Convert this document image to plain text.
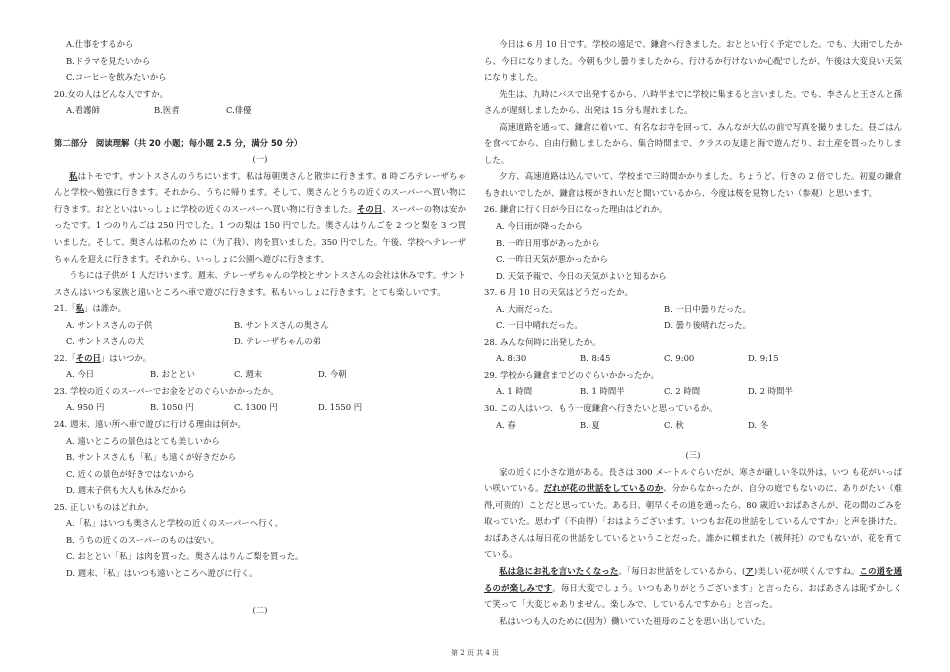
A.仕事をするから
B.ドラマを見たいから
C.コーヒーを飲みたいから
20.女の人はどんな人ですか。
A.看護師	B.医者	C.俳優
第二部分　阅读理解（共 20 小题；每小题 2.5 分，满分 50 分）
(一)

私はトモです。サントスさんのうちにいます。私は毎朝奥さんと散歩に行きます。8 時ごろテレーザちゃんと学校へ勉強に行きます。それから、うちに帰ります。そして、奥さんとうちの近くのスーパーへ買い物に行きます。おとといはいっしょに学校の近くのスーパーへ買い物に行きました。その日、スーパーの物は安かったです。1 つのりんごは 250 円でした。1 つの梨は 150 円でした。奥さんはりんごを 2 つと梨を 3 つ買いました。そして、奥さんは私のため に（为了我）、肉を買いました。350 円でした。午後、学校へテレーザちゃんを迎えに行きます。それから、いっしょに公園へ遊びに行きます。

うちには子供が 1 人だけいます。週末、テレーザちゃんの学校とサントスさんの会社は休みです。サントスさんはいつも家族と遠いところへ車で遊びに行きます。私もいっしょに行きます。とても楽しいです。

21.「私」は誰か。
A. サントスさんの子供	B. サントスさんの奥さん
C. サントスさんの犬	D. テレーザちゃんの弟
22.「その日」はいつか。
A. 今日	B. おととい	C. 週末	D. 今朝
23. 学校の近くのスーパーでお金をどのぐらいかかったか。
A. 950 円	B. 1050 円	C. 1300 円	D. 1550 円
24. 週末、遠い所へ車で遊びに行ける理由は何か。
A. 遠いところの景色はとても美しいから
B. サントスさんも「私」も遠くが好きだから
C. 近くの景色が好きではないから
D. 週末子供も大人も休みだから
25. 正しいものはどれか。
A.「私」はいつも奥さんと学校の近くのスーパーへ行く。
B. うちの近くのスーパーのものは安い。
C. おととい「私」は肉を買った。奥さんはりんご梨を買った。
D. 週末、「私」はいつも遠いところへ遊びに行く。
(二)

今日は 6 月 10 日です。学校の遠足で、鎌倉へ行きました。おととい行く予定でした。でも、大雨でしたから、今日になりました。今朝も少し曇りましたから、行けるか行けないか心配でしたが、午後は大変良い天気になりました。

先生は、九時にバスで出発するから、八時半までに学校に集まると言いました。でも、李さんと王さんと孫さんが遅刻しましたから、出発は 15 分も遅れました。

高速道路を通って、鎌倉に着いて、有名なお寺を回って、みんなが大仏の前で写真を撮りました。昼ごはんを食べてから、自由行動しましたから、集合時間まで、クラスの友達と海で遊んだり、お土産を買ったりしました。

夕方、高速道路は込んでいて、学校まで三時間かかりました。ちょうど、行きの 2 倍でした。初夏の鎌倉もきれいでしたが、鎌倉は桜がきれいだと聞いているから、今度は桜を見物したい（参观）と思います。

26. 鎌倉に行く日が今日になった理由はどれか。
A. 今日雨が降ったから
B. 一昨日用事があったから
C. 一昨日天気が悪かったから
D. 天気予報で、今日の天気がよいと知るから
37. 6 月 10 日の天気はどうだったか。
A. 大雨だった。	B. 一日中曇りだった。
C. 一日中晴れだった。	D. 曇り後晴れだった。
28. みんな何時に出発したか。
A. 8:30	B. 8:45	C. 9:00	D. 9:15
29. 学校から鎌倉までどのぐらいかかったか。
A. 1 時間	B. 1 時間半	C. 2 時間	D. 2 時間半
30. この人はいつ、もう一度鎌倉へ行きたいと思っているか。
A. 春	B. 夏	C. 秋	D. 冬
(三)

家の近くに小さな道がある。長さは 300 メートルぐらいだが、寒さが厳しい冬以外は、いつ も花がいっぱい咲いている。だれが花の世話をしているのか、分からなかったが、自分の庭でもないのに、ありがたい（难得,可贵的）ことだと思っていた。ある日、朝早くその道を通ったら、80 歳近いおばあさんが、花の間のごみを取っていた。思わず（不由得）「おはようございます。いつもお花の世話をしているんですか」と声を掛けた。おばあさんは毎日花の世話をしているということだった。誰かに頼まれた（被拜托）のでもないが、花を育てている。

私は急にお礼を言いたくなった。「毎日お世話をしているから、(ア)美しい花が咲くんですね。この道を通るのが楽しみです。毎日大変でしょう。いつもありがとうございます」と言ったら、おばあさんは恥ずかしくて笑って「大変じゃありません。楽しみで、しているんですから」と言った。

私はいつも人のために(因为）働いていた祖母のことを思い出していた。

第 2 页 共 4 页
